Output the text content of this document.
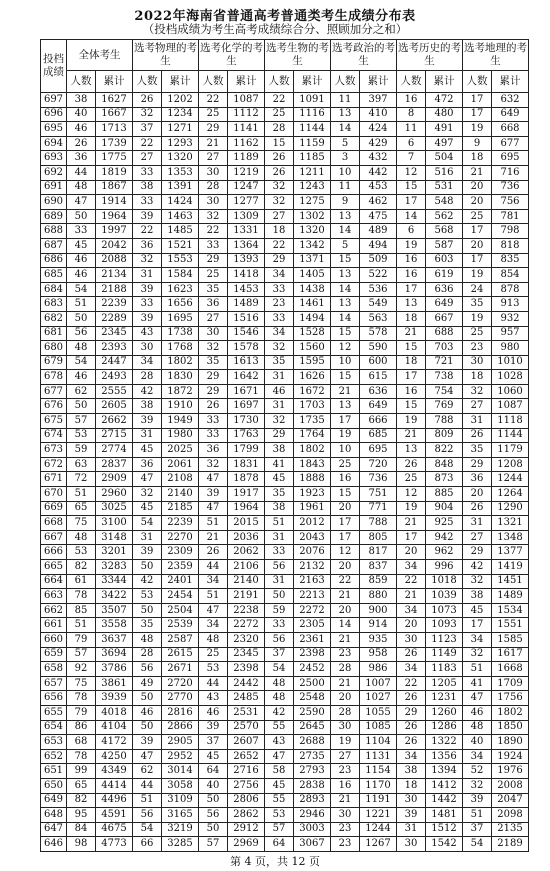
2022年海南省普通高考普通类考生成绩分布表
（投档成绩为考生高考成绩综合分、照顾加分之和）
投档成绩	全体考生		选考物理的考生		选考化学的考生		选考生物的考生		选考政治的考生		选考历史的考生		选考地理的考生	
	人数	累计	人数	累计	人数	累计	人数	累计	人数	累计	人数	累计	人数	累计
697	38	1627	26	1202	22	1087	22	1091	11	397	16	472	17	632
696	40	1667	32	1234	25	1112	25	1116	13	410	8	480	17	649
695	46	1713	37	1271	29	1141	28	1144	14	424	11	491	19	668
694	26	1739	22	1293	21	1162	15	1159	5	429	6	497	9	677
693	36	1775	27	1320	27	1189	26	1185	3	432	7	504	18	695
692	44	1819	33	1353	30	1219	26	1211	10	442	12	516	21	716
691	48	1867	38	1391	28	1247	32	1243	11	453	15	531	20	736
690	47	1914	33	1424	30	1277	32	1275	9	462	17	548	20	756
689	50	1964	39	1463	32	1309	27	1302	13	475	14	562	25	781
688	33	1997	22	1485	22	1331	18	1320	14	489	6	568	17	798
687	45	2042	36	1521	33	1364	22	1342	5	494	19	587	20	818
686	46	2088	32	1553	29	1393	29	1371	15	509	16	603	17	835
685	46	2134	31	1584	25	1418	34	1405	13	522	16	619	19	854
684	54	2188	39	1623	35	1453	33	1438	14	536	17	636	24	878
683	51	2239	33	1656	36	1489	23	1461	13	549	13	649	35	913
682	50	2289	39	1695	27	1516	33	1494	14	563	18	667	19	932
681	56	2345	43	1738	30	1546	34	1528	15	578	21	688	25	957
680	48	2393	30	1768	32	1578	32	1560	12	590	15	703	23	980
679	54	2447	34	1802	35	1613	35	1595	10	600	18	721	30	1010
678	46	2493	28	1830	29	1642	31	1626	15	615	17	738	18	1028
677	62	2555	42	1872	29	1671	46	1672	21	636	16	754	32	1060
676	50	2605	38	1910	26	1697	31	1703	13	649	15	769	27	1087
675	57	2662	39	1949	33	1730	32	1735	17	666	19	788	31	1118
674	53	2715	31	1980	33	1763	29	1764	19	685	21	809	26	1144
673	59	2774	45	2025	36	1799	38	1802	10	695	13	822	35	1179
672	63	2837	36	2061	32	1831	41	1843	25	720	26	848	29	1208
671	72	2909	47	2108	47	1878	45	1888	16	736	25	873	36	1244
670	51	2960	32	2140	39	1917	35	1923	15	751	12	885	20	1264
669	65	3025	45	2185	47	1964	38	1961	20	771	19	904	26	1290
668	75	3100	54	2239	51	2015	51	2012	17	788	21	925	31	1321
667	48	3148	31	2270	21	2036	31	2043	17	805	17	942	27	1348
666	53	3201	39	2309	26	2062	33	2076	12	817	20	962	29	1377
665	82	3283	50	2359	44	2106	56	2132	20	837	34	996	42	1419
664	61	3344	42	2401	34	2140	31	2163	22	859	22	1018	32	1451
663	78	3422	53	2454	51	2191	50	2213	21	880	21	1039	38	1489
662	85	3507	50	2504	47	2238	59	2272	20	900	34	1073	45	1534
661	51	3558	35	2539	34	2272	33	2305	14	914	20	1093	17	1551
660	79	3637	48	2587	48	2320	56	2361	21	935	30	1123	34	1585
659	57	3694	28	2615	25	2345	37	2398	23	958	26	1149	32	1617
658	92	3786	56	2671	53	2398	54	2452	28	986	34	1183	51	1668
657	75	3861	49	2720	44	2442	48	2500	21	1007	22	1205	41	1709
656	78	3939	50	2770	43	2485	48	2548	20	1027	26	1231	47	1756
655	79	4018	46	2816	46	2531	42	2590	28	1055	29	1260	46	1802
654	86	4104	50	2866	39	2570	55	2645	30	1085	26	1286	48	1850
653	68	4172	39	2905	37	2607	43	2688	19	1104	26	1322	40	1890
652	78	4250	47	2952	45	2652	47	2735	27	1131	34	1356	34	1924
651	99	4349	62	3014	64	2716	58	2793	23	1154	38	1394	52	1976
650	65	4414	44	3058	40	2756	45	2838	16	1170	18	1412	32	2008
649	82	4496	51	3109	50	2806	55	2893	21	1191	30	1442	39	2047
648	95	4591	56	3165	56	2862	53	2946	30	1221	39	1481	51	2098
647	84	4675	54	3219	50	2912	57	3003	23	1244	31	1512	37	2135
646	98	4773	66	3285	57	2969	64	3067	23	1267	30	1542	54	2189
第 4 页，共 12 页
